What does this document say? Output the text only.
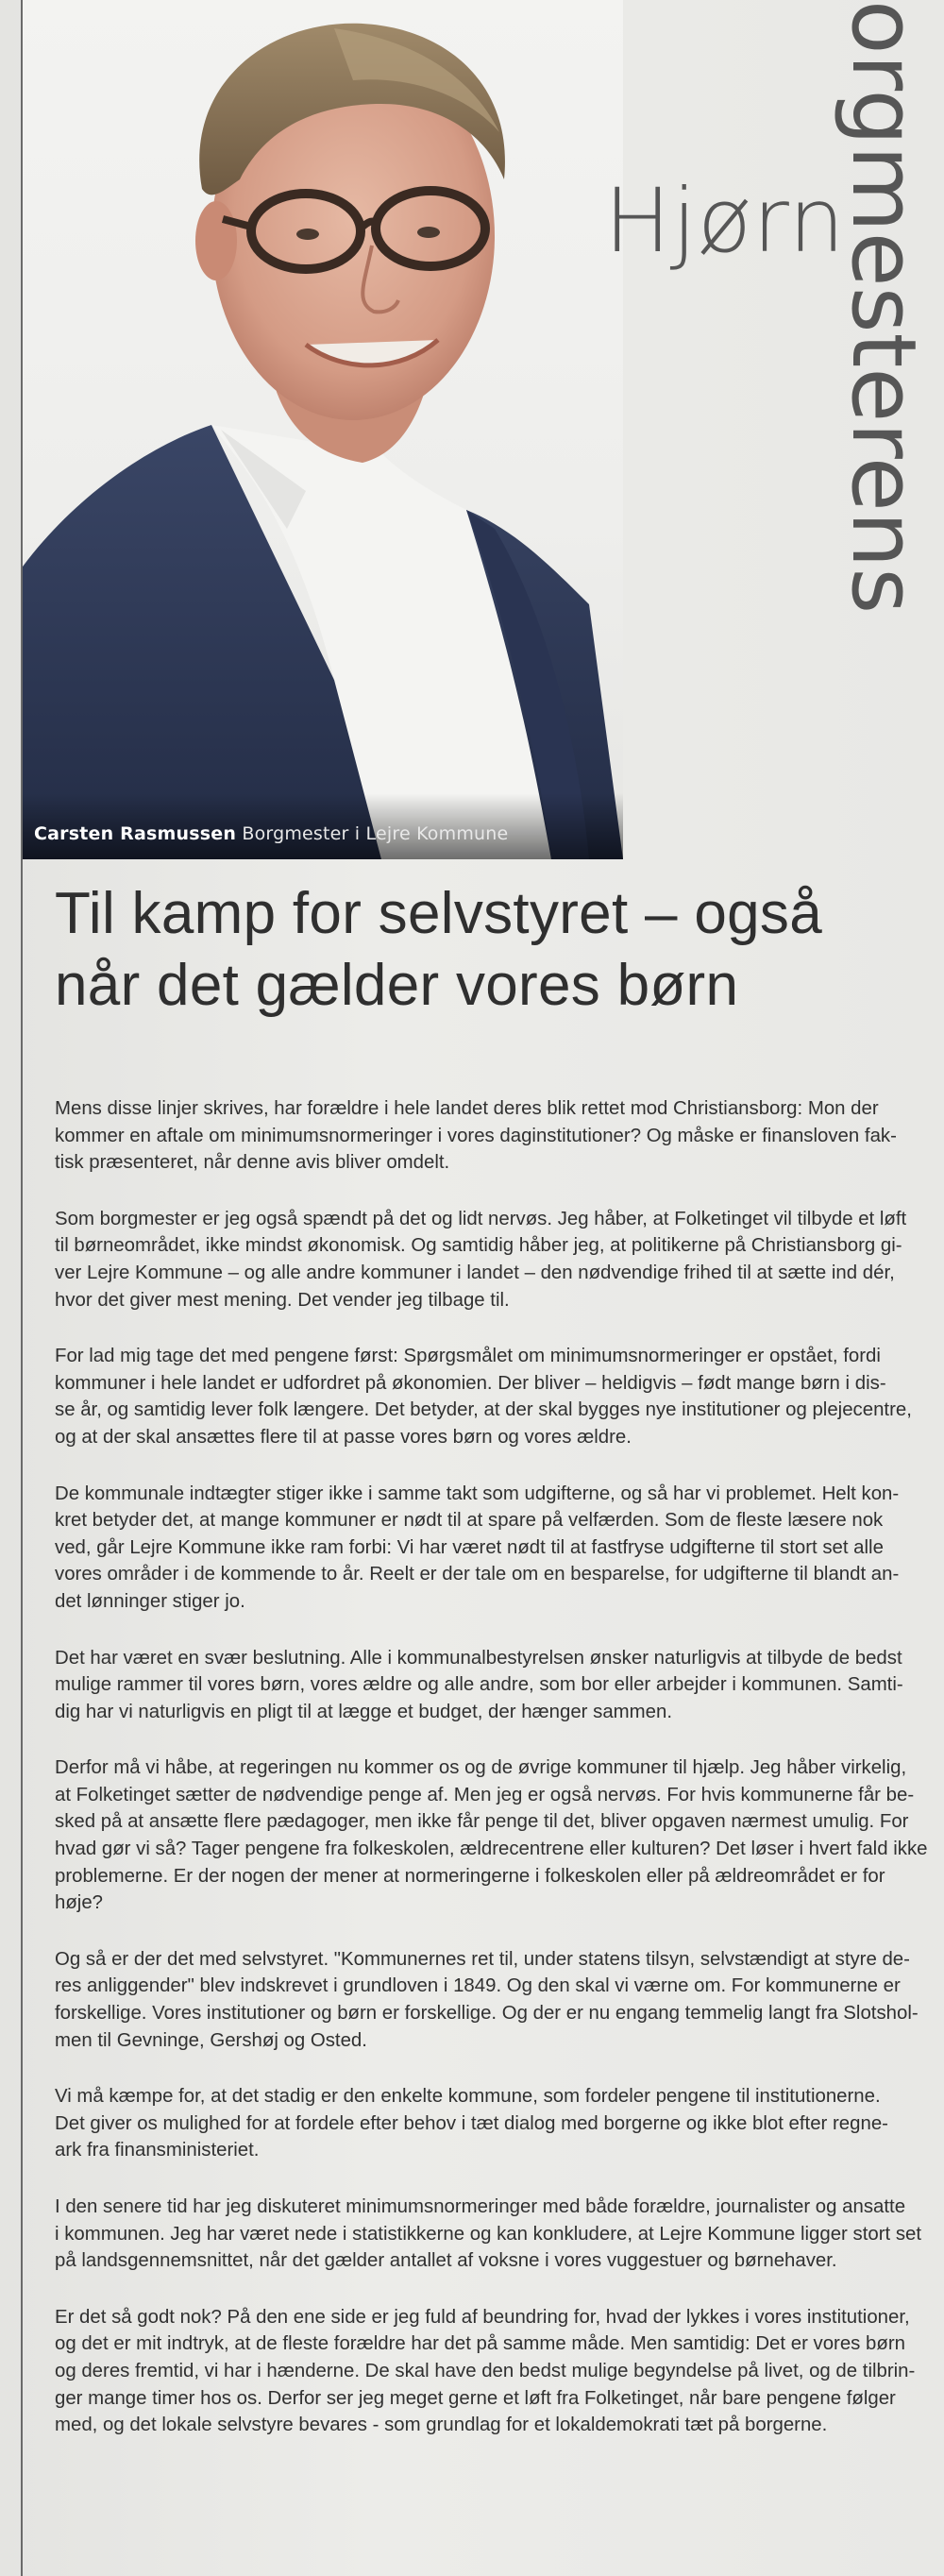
Carsten Rasmussen Borgmester i Lejre Kommune
Hjørn
orgmesterens
Til kamp for selvstyret – også
når det gælder vores børn
Mens disse linjer skrives, har forældre i hele landet deres blik rettet mod Christiansborg: Mon der
kommer en aftale om minimumsnormeringer i vores daginstitutioner? Og måske er finansloven fak-
tisk præsenteret, når denne avis bliver omdelt.
Som borgmester er jeg også spændt på det og lidt nervøs. Jeg håber, at Folketinget vil tilbyde et løft
til børneområdet, ikke mindst økonomisk. Og samtidig håber jeg, at politikerne på Christiansborg gi-
ver Lejre Kommune – og alle andre kommuner i landet – den nødvendige frihed til at sætte ind dér,
hvor det giver mest mening. Det vender jeg tilbage til.
For lad mig tage det med pengene først: Spørgsmålet om minimumsnormeringer er opstået, fordi
kommuner i hele landet er udfordret på økonomien. Der bliver – heldigvis – født mange børn i dis-
se år, og samtidig lever folk længere. Det betyder, at der skal bygges nye institutioner og plejecentre,
og at der skal ansættes flere til at passe vores børn og vores ældre.
De kommunale indtægter stiger ikke i samme takt som udgifterne, og så har vi problemet. Helt kon-
kret betyder det, at mange kommuner er nødt til at spare på velfærden. Som de fleste læsere nok
ved, går Lejre Kommune ikke ram forbi: Vi har været nødt til at fastfryse udgifterne til stort set alle
vores områder i de kommende to år. Reelt er der tale om en besparelse, for udgifterne til blandt an-
det lønninger stiger jo.
Det har været en svær beslutning. Alle i kommunalbestyrelsen ønsker naturligvis at tilbyde de bedst
mulige rammer til vores børn, vores ældre og alle andre, som bor eller arbejder i kommunen. Samti-
dig har vi naturligvis en pligt til at lægge et budget, der hænger sammen.
Derfor må vi håbe, at regeringen nu kommer os og de øvrige kommuner til hjælp. Jeg håber virkelig,
at Folketinget sætter de nødvendige penge af. Men jeg er også nervøs. For hvis kommunerne får be-
sked på at ansætte flere pædagoger, men ikke får penge til det, bliver opgaven nærmest umulig. For
hvad gør vi så? Tager pengene fra folkeskolen, ældrecentrene eller kulturen? Det løser i hvert fald ikke
problemerne. Er der nogen der mener at normeringerne i folkeskolen eller på ældreområdet er for
høje?
Og så er der det med selvstyret. "Kommunernes ret til, under statens tilsyn, selvstændigt at styre de-
res anliggender" blev indskrevet i grundloven i 1849. Og den skal vi værne om. For kommunerne er
forskellige. Vores institutioner og børn er forskellige. Og der er nu engang temmelig langt fra Slotshol-
men til Gevninge, Gershøj og Osted.
Vi må kæmpe for, at det stadig er den enkelte kommune, som fordeler pengene til institutionerne.
Det giver os mulighed for at fordele efter behov i tæt dialog med borgerne og ikke blot efter regne-
ark fra finansministeriet.
I den senere tid har jeg diskuteret minimumsnormeringer med både forældre, journalister og ansatte
i kommunen. Jeg har været nede i statistikkerne og kan konkludere, at Lejre Kommune ligger stort set
på landsgennemsnittet, når det gælder antallet af voksne i vores vuggestuer og børnehaver.
Er det så godt nok? På den ene side er jeg fuld af beundring for, hvad der lykkes i vores institutioner,
og det er mit indtryk, at de fleste forældre har det på samme måde. Men samtidig: Det er vores børn
og deres fremtid, vi har i hænderne. De skal have den bedst mulige begyndelse på livet, og de tilbrin-
ger mange timer hos os. Derfor ser jeg meget gerne et løft fra Folketinget, når bare pengene følger
med, og det lokale selvstyre bevares - som grundlag for et lokaldemokrati tæt på borgerne.
